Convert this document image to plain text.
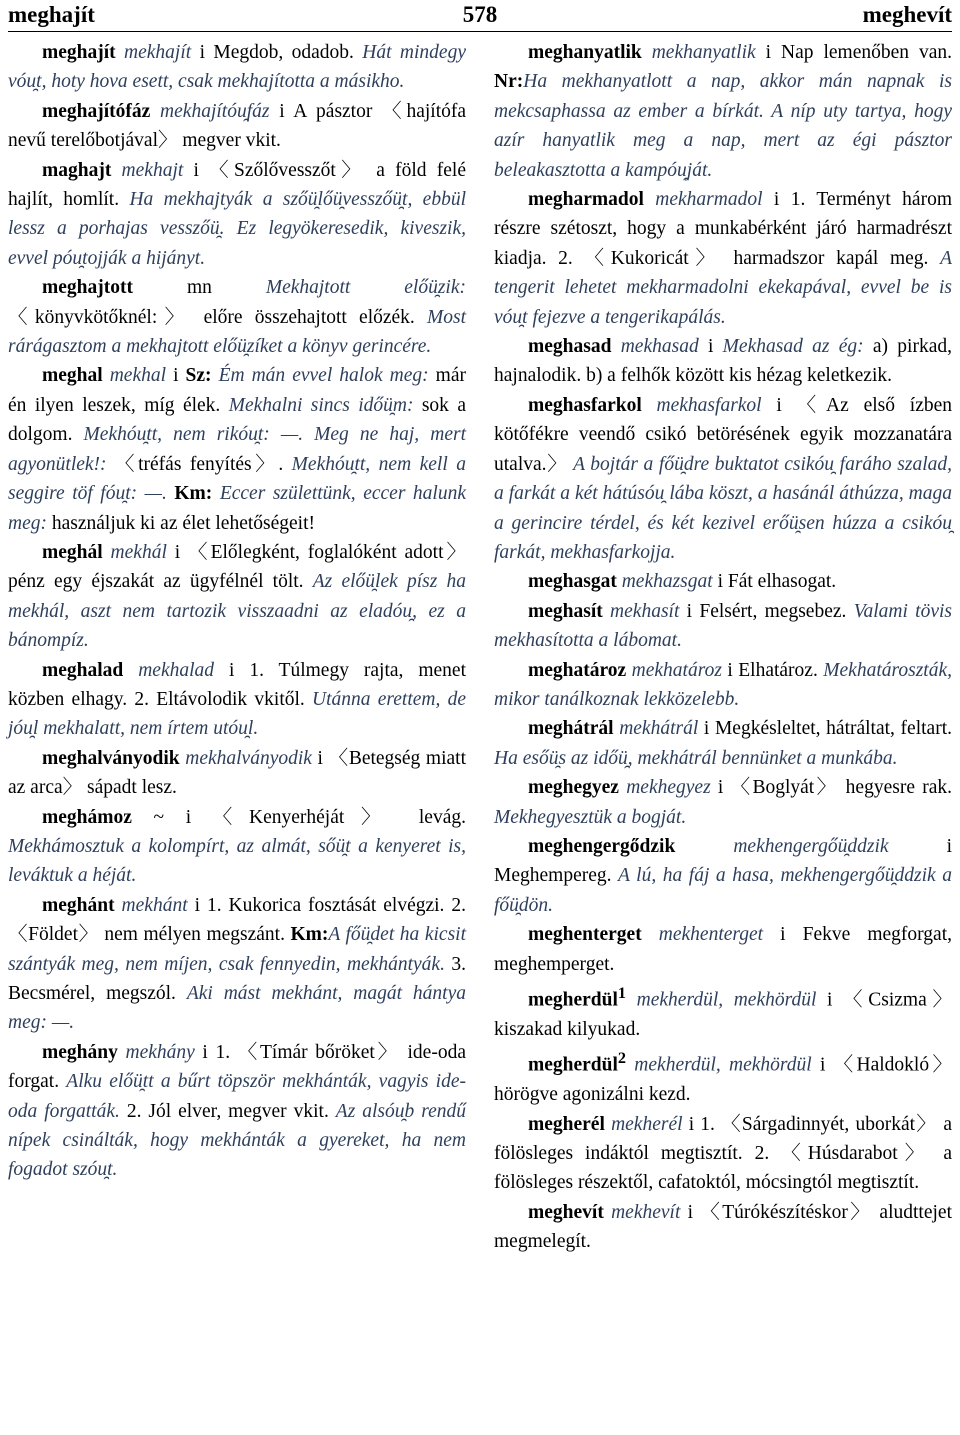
meghajít	578	meghevít

meghajít mekhajít i Megdob, odadob. Hát mindegy vóu̯t, hoty hova esett, csak mekhajította a másikho.

meghajítófáz mekhajítóu̯fáz i A pásztor 〈hajítófa nevű terelőbotjával〉 megver vkit.

maghajt mekhajt i 〈Szőlővesszőt〉 a föld felé hajlít, homlít. Ha mekhajtyák a szőü̯lőü̯vesszőü̯t, ebbül lessz a porhajas vesszőü̯. Ez legyökeresedik, kiveszik, evvel póu̯tojják a hijányt.

meghajtott mn Mekhajtott előü̯zik: 〈könyvkötőknél:〉 előre összehajtott előzék. Most rárágasztom a mekhajtott előü̯zíket a könyv gerincére.

meghal mekhal i Sz: Ém mán evvel halok meg: már én ilyen leszek, míg élek. Mekhalni sincs időü̯m: sok a dolgom. Mekhóu̯tt, nem rikóu̯t: —. Meg ne haj, mert agyonütlek!: 〈tréfás fenyítés〉. Mekhóu̯tt, nem kell a seggire töf fóu̯t: —. Km: Eccer születtünk, eccer halunk meg: használjuk ki az élet lehetőségeit!

meghál mekhál i 〈Előlegként, foglalóként adott〉 pénz egy éjszakát az ügyfélnél tölt. Az előü̯lek písz ha mekhál, aszt nem tartozik visszaadni az eladóu̯, ez a bánompíz.

meghalad mekhalad i 1. Túlmegy rajta, menet közben elhagy. 2. Eltávolodik vkitől. Utánna erettem, de jóu̯l mekhalatt, nem írtem utóu̯l.

meghalványodik mekhalványodik i 〈Betegség miatt az arca〉 sápadt lesz.

meghámoz ~ i 〈Kenyerhéját〉 levág. Mekhámosztuk a kolompírt, az almát, sőü̯t a kenyeret is, leváktuk a héját.

meghánt mekhánt i 1. Kukorica fosztását elvégzi. 2. 〈Földet〉 nem mélyen megszánt. Km:A főü̯det ha kicsit szántyák meg, nem míjen, csak fennyedin, mekhántyák. 3. Becsmérel, megszól. Aki mást mekhánt, magát hántya meg: —.

meghány mekhány i 1. 〈Tímár bőröket〉 ide-oda forgat. Alku előü̯tt a bűrt töpször mekhánták, vagyis ide-oda forgatták. 2. Jól elver, megver vkit. Az alsóu̯b rendű nípek csinálták, hogy mekhánták a gyereket, ha nem fogadot szóu̯t.

meghanyatlik mekhanyatlik i Nap lemenőben van. Nr:Ha mekhanyatlott a nap, akkor mán napnak is mekcsaphassa az ember a bírkát. A níp uty tartya, hogy azír hanyatlik meg a nap, mert az égi pásztor beleakasztotta a kampóu̯ját.

megharmadol mekharmadol i 1. Terményt három részre szétoszt, hogy a munkabérként járó harmadrészt kiadja. 2. 〈Kukoricát〉 harmadszor kapál meg. A tengerit lehetet mekharmadolni ekekapával, evvel be is vóu̯t fejezve a tengerikapálás.

meghasad mekhasad i Mekhasad az ég: a) pirkad, hajnalodik. b) a felhők között kis hézag keletkezik.

meghasfarkol mekhasfarkol i 〈Az első ízben kötőfékre veendő csikó betörésének egyik mozzanatára utalva.〉 A bojtár a főü̯dre buktatot csikóu̯ faráho szalad, a farkát a két hátúsóu̯ lába köszt, a hasánál áthúzza, maga a gerincire térdel, és két kezivel erőü̯sen húzza a csikóu̯ farkát, mekhasfarkojja.

meghasgat mekhazsgat i Fát elhasogat.

meghasít mekhasít i Felsért, megsebez. Valami tövis mekhasította a lábomat.

meghatároz mekhatároz i Elhatároz. Mekhatároszták, mikor tanálkoznak lekközelebb.

meghátrál mekhátrál i Megkésleltet, hátráltat, feltart. Ha esőü̯s az időü̯, mekhátrál bennünket a munkába.

meghegyez mekhegyez i 〈Boglyát〉 hegyesre rak. Mekhegyesztük a bogját.

meghengergődzik mekhengergőü̯ddzik i Meghempereg. A lú, ha fáj a hasa, mekhengergőü̯ddzik a főü̯dön.

meghenterget mekhenterget i Fekve megforgat, meghemperget.

megherdül$^1$ mekherdül, mekhördül i 〈Csizma〉 kiszakad kilyukad.

megherdül$^2$ mekherdül, mekhördül i 〈Haldokló〉 hörögve agonizálni kezd.

megherél mekherél i 1. 〈Sárgadinnyét, uborkát〉 a fölösleges indáktól megtisztít. 2. 〈Húsdarabot〉 a fölösleges részektől, cafatoktól, mócsingtól megtisztít.

meghevít mekhevít i 〈Túrókészítéskor〉 aludttejet megmelegít.
